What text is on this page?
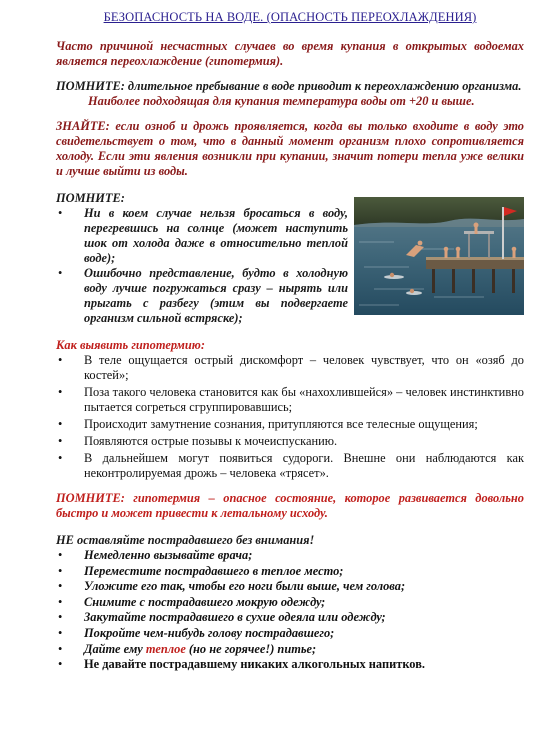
БЕЗОПАСНОСТЬ НА ВОДЕ. (ОПАСНОСТЬ ПЕРЕОХЛАЖДЕНИЯ)

Часто причиной несчастных случаев во время купания в открытых водоемах является переохлаждение (гипотермия).

ПОМНИТЕ: длительное пребывание в воде приводит к переохлаждению организма.

Наиболее подходящая для купания температура воды от +20 и выше.

ЗНАЙТЕ: если озноб и дрожь проявляется, когда вы только входите в воду это свидетельствует о том, что в данный момент организм плохо сопротивляется холоду. Если эти явления возникли при купании, значит потери тепла уже велики и лучше выйти из воды.

ПОМНИТЕ:

• Ни в коем случае нельзя бросаться в воду, перегревшись на солнце (может наступить шок от холода даже в относительно теплой воде);
• Ошибочно представление, будто в холодную воду лучше погружаться сразу – нырять или прыгать с разбегу (этим вы подвергаете организм сильной встряске);

Как выявить гипотермию:

• В теле ощущается острый дискомфорт – человек чувствует, что он «озяб до костей»;
• Поза такого человека становится как бы «нахохлившейся» – человек инстинктивно пытается согреться сгруппировавшись;
• Происходит замутнение сознания, притупляются все телесные ощущения;
• Появляются острые позывы к мочеиспусканию.
• В дальнейшем могут появиться судороги. Внешне они наблюдаются как неконтролируемая дрожь – человека «трясет».

ПОМНИТЕ: гипотермия – опасное состояние, которое развивается довольно быстро и может привести к летальному исходу.

НЕ оставляйте пострадавшего без внимания!

• Немедленно вызывайте врача;
• Переместите пострадавшего в теплое место;
• Уложите его так, чтобы его ноги были выше, чем голова;
• Снимите с пострадавшего мокрую одежду;
• Закутайте пострадавшего в сухие одеяла или одежду;
• Покройте чем-нибудь голову пострадавшего;
• Дайте ему теплое (но не горячее!) питье;
• Не давайте пострадавшему никаких алкогольных напитков.
